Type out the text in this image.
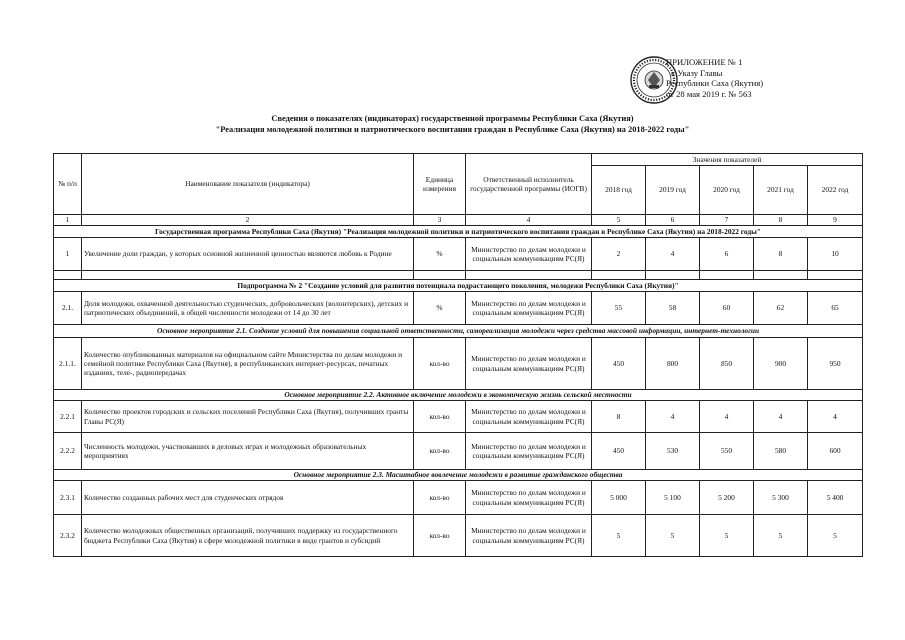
ПРИЛОЖЕНИЕ № 1
к Указу Главы
Республики Саха (Якутия)
от 28 мая 2019 г. № 563
Сведения о показателях (индикаторах) государственной программы Республики Саха (Якутия)
"Реализация молодежной политики и патриотического воспитания граждан в Республике Саха (Якутия) на 2018-2022 годы"
№ п/п	Наименование показателя (индикатора)	Единица измерения	Ответственный исполнитель государственной программы (ИОГВ)	Значения показателей				
				2018 год	2019 год	2020 год	2021 год	2022 год
1	2	3	4	5	6	7	8	9
Государственная программа Республики Саха (Якутия) "Реализация молодежной политики и патриотического воспитания граждан в Республике Саха (Якутия) на 2018-2022 годы"								
1	Увеличение доли граждан, у которых основной жизненной ценностью являются любовь к Родине	%	Министерство по делам молодежи и социальным коммуникациям РС(Я)	2	4	6	8	10

Подпрограмма № 2 "Создание условий для развития потенциала подрастающего поколения, молодежи Республики Саха (Якутия)"								
2.1.	Доля молодежи, охваченной деятельностью студенческих, добровольческих (волонтерских), детских и патриотических объединений, в общей численности молодежи от 14 до 30 лет	%	Министерство по делам молодежи и социальным коммуникациям РС(Я)	55	58	60	62	65
Основное мероприятие 2.1. Создание условий для повышения социальной ответственности, самореализация молодежи через средства массовой информации, интернет-технологии								
2.1.1.	Количество опубликованных материалов на официальном сайте Министерства по делам молодежи и семейной политике Республики Саха (Якутия), в республиканских интернет-ресурсах, печатных изданиях, теле-, радиопередачах	кол-во	Министерство по делам молодежи и социальным коммуникациям РС(Я)	450	800	850	900	950
Основное мероприятие 2.2. Активное включение молодежи в экономическую жизнь сельской местности								
2.2.1	Количество проектов городских и сельских поселений Республики Саха (Якутия), получивших гранты Главы РС(Я)	кол-во	Министерство по делам молодежи и социальным коммуникациям РС(Я)	8	4	4	4	4
2.2.2	Численность молодежи, участвовавших в деловых играх и молодежных образовательных мероприятиях	кол-во	Министерство по делам молодежи и социальным коммуникациям РС(Я)	450	530	550	580	600
Основное мероприятие 2.3. Масштабное вовлечение молодежи в развитие гражданского общества								
2.3.1	Количество созданных рабочих мест для студенческих отрядов	кол-во	Министерство по делам молодежи и социальным коммуникациям РС(Я)	5 000	5 100	5 200	5 300	5 400
2.3.2	Количество молодежных общественных организаций, получивших поддержку из государственного бюджета Республики Саха (Якутия) в сфере молодежной политики в виде грантов и субсидий	кол-во	Министерство по делам молодежи и социальным коммуникациям РС(Я)	5	5	5	5	5
